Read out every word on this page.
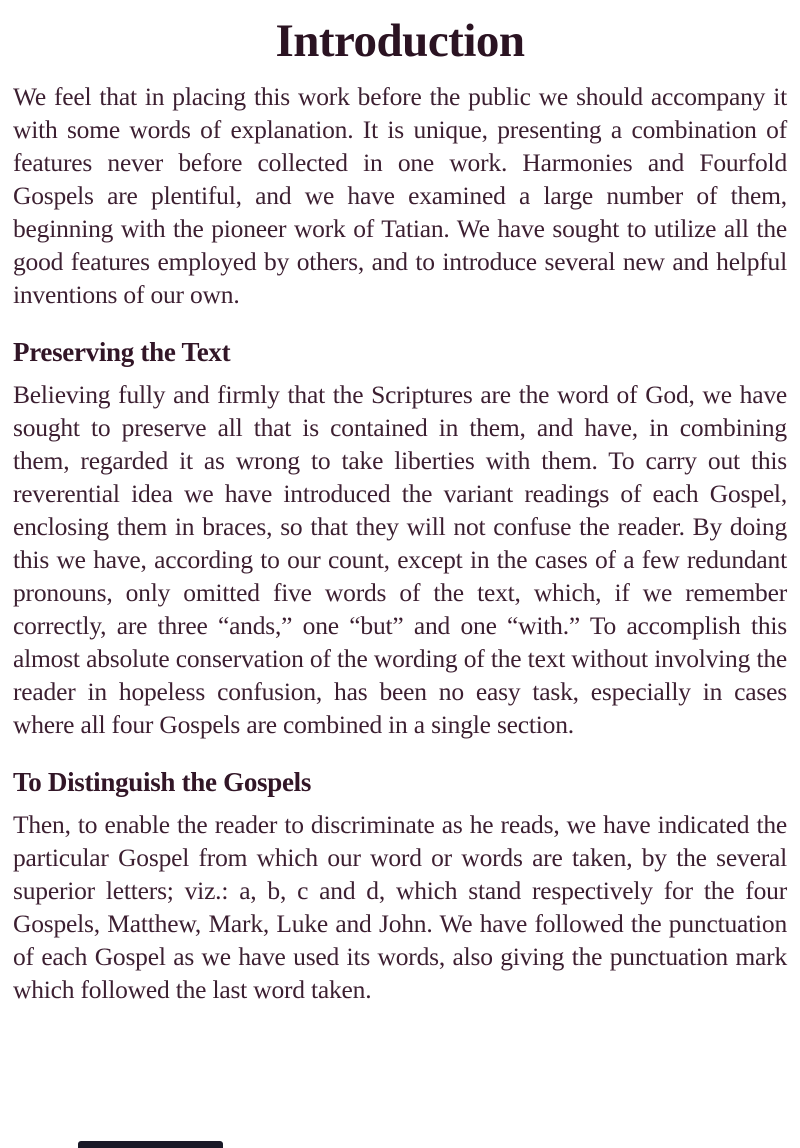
Introduction

We feel that in placing this work before the public we should accompany it with some words of explanation. It is unique, presenting a combination of features never before collected in one work. Harmonies and Fourfold Gospels are plentiful, and we have examined a large number of them, beginning with the pioneer work of Tatian. We have sought to utilize all the good features employed by others, and to introduce several new and helpful inventions of our own.

Preserving the Text

Believing fully and firmly that the Scriptures are the word of God, we have sought to preserve all that is contained in them, and have, in combining them, regarded it as wrong to take liberties with them. To carry out this reverential idea we have introduced the variant readings of each Gospel, enclosing them in braces, so that they will not confuse the reader. By doing this we have, according to our count, except in the cases of a few redundant pronouns, only omitted five words of the text, which, if we remember correctly, are three “ands,” one “but” and one “with.” To accomplish this almost absolute conservation of the wording of the text without involving the reader in hopeless confusion, has been no easy task, especially in cases where all four Gospels are combined in a single section.

To Distinguish the Gospels

Then, to enable the reader to discriminate as he reads, we have indicated the particular Gospel from which our word or words are taken, by the several superior letters; viz.: a, b, c and d, which stand respectively for the four Gospels, Matthew, Mark, Luke and John. We have followed the punctuation of each Gospel as we have used its words, also giving the punctuation mark which followed the last word taken.
